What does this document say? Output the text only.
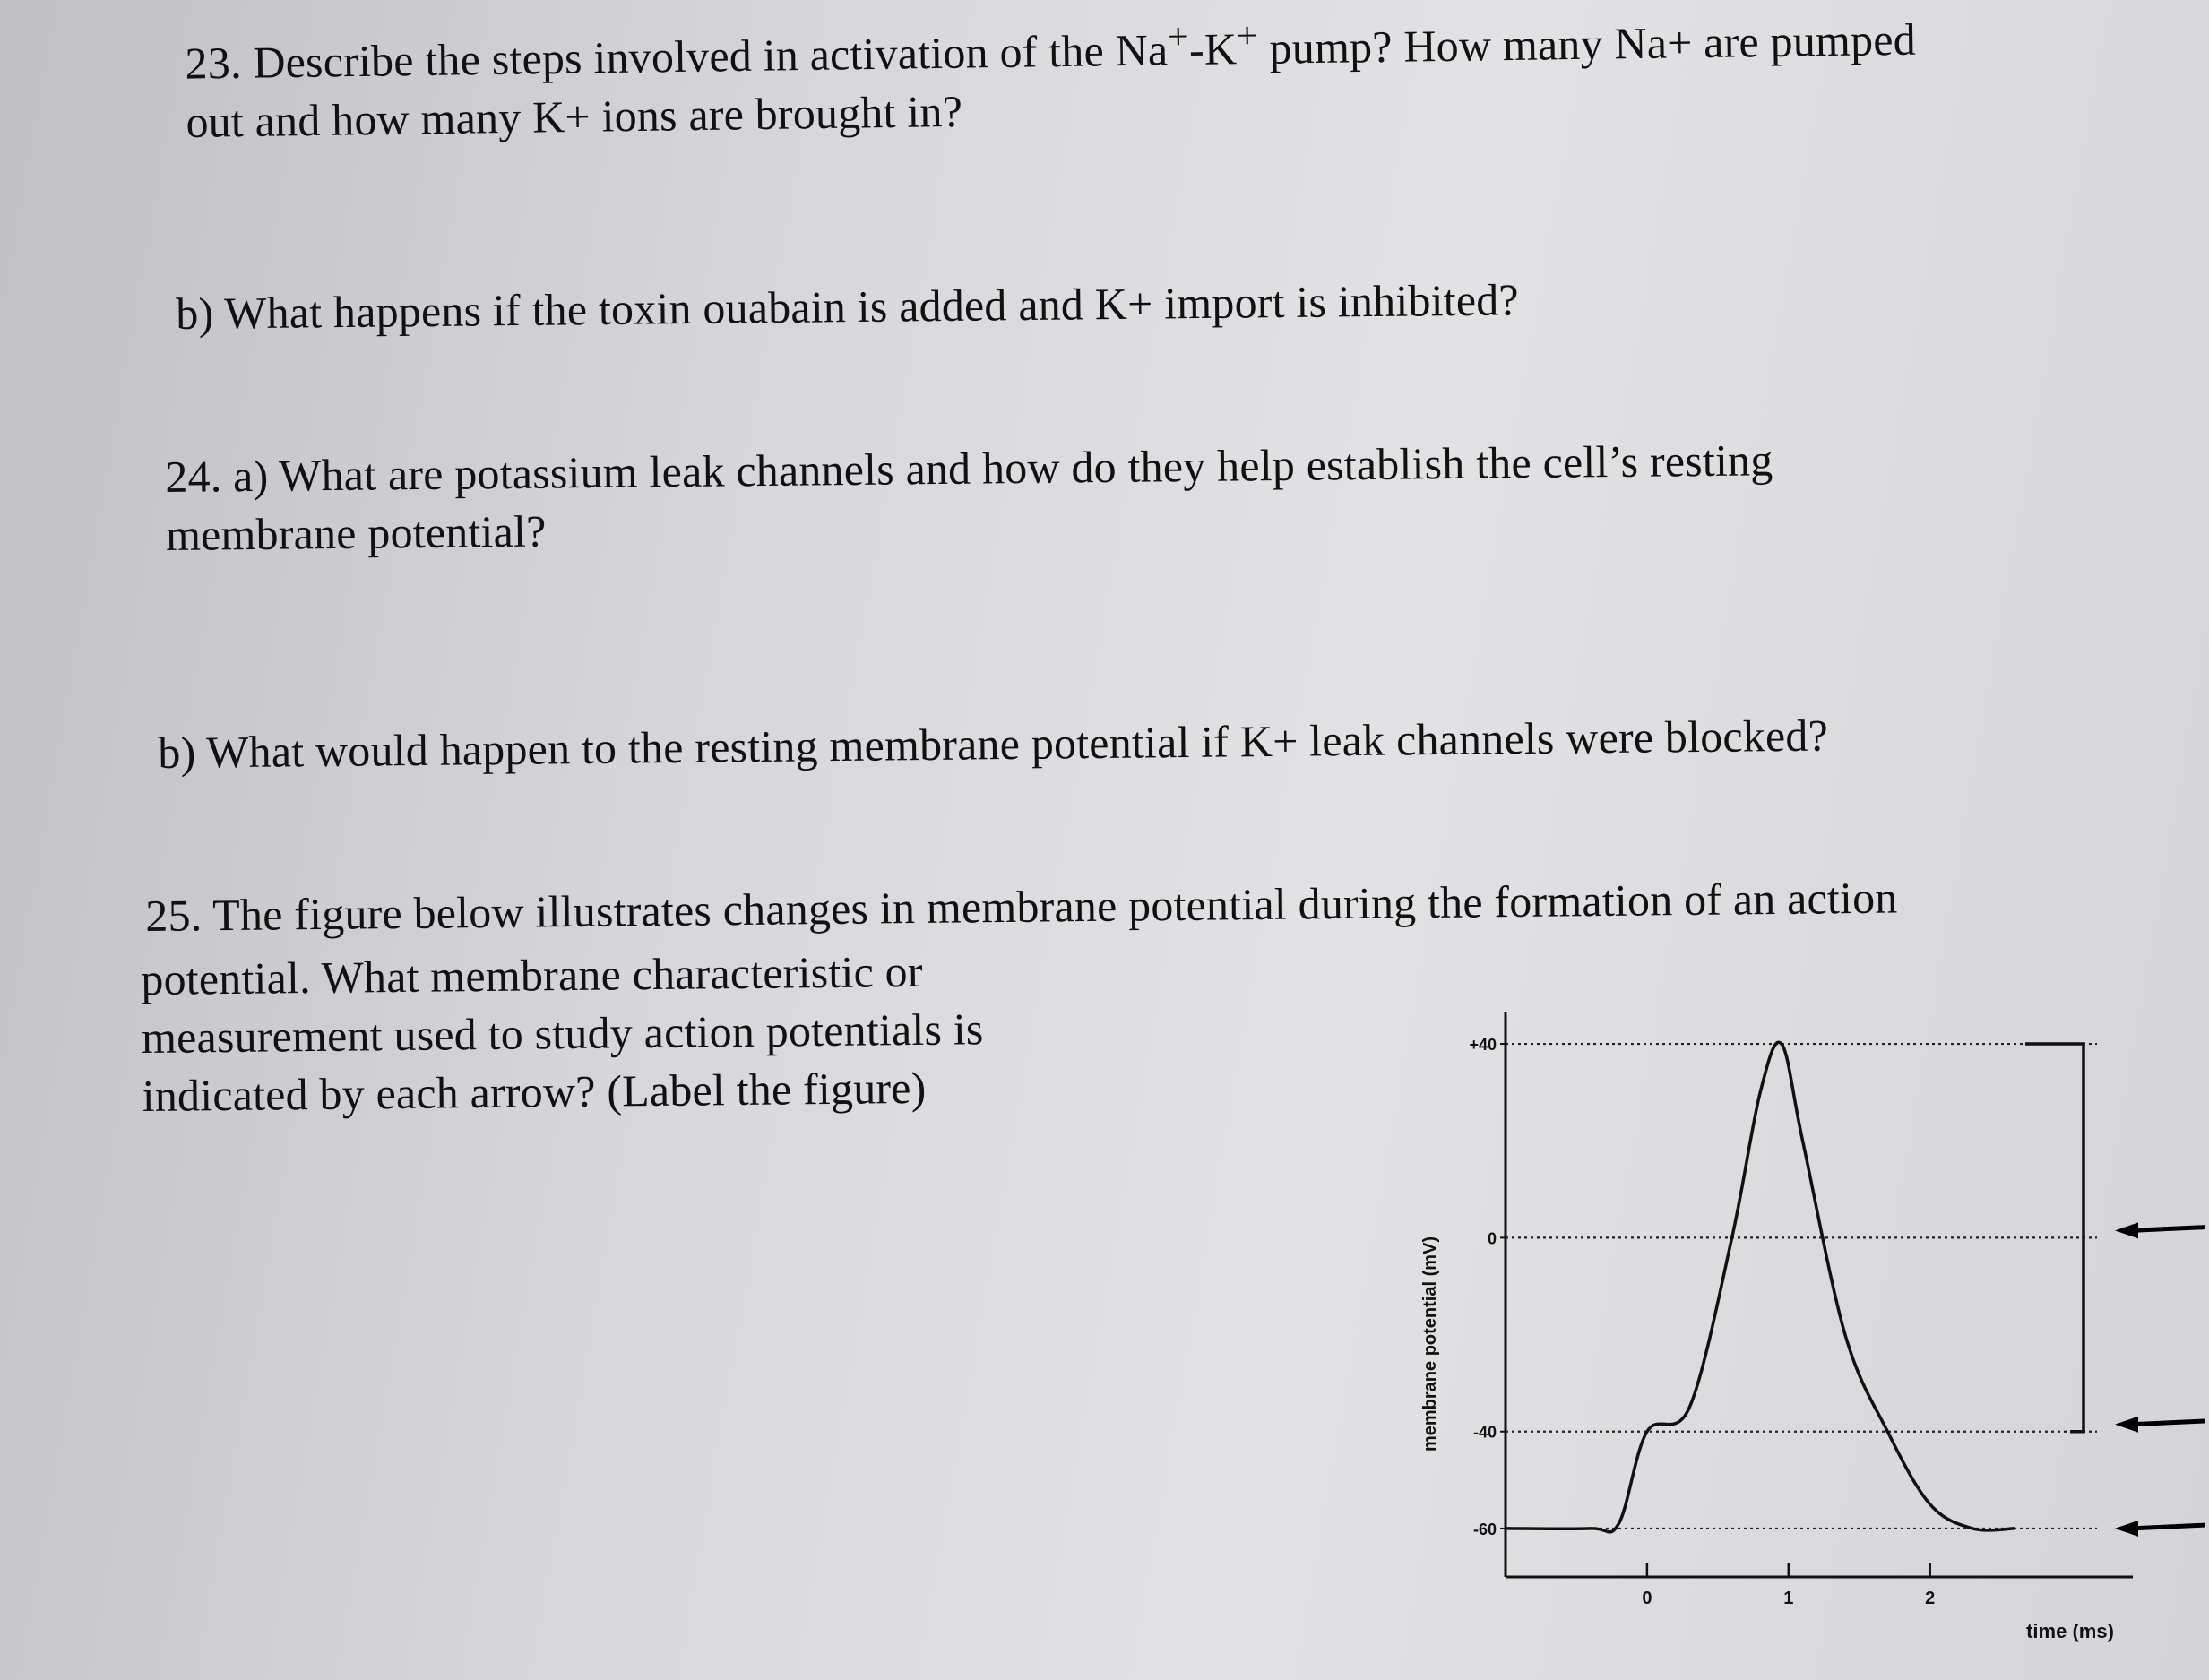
23. Describe the steps involved in activation of the Na+-K+ pump? How many Na+ are pumped
out and how many K+ ions are brought in?

b) What happens if the toxin ouabain is added and K+ import is inhibited?

24. a) What are potassium leak channels and how do they help establish the cell’s resting
membrane potential?

b) What would happen to the resting membrane potential if K+ leak channels were blocked?

25. The figure below illustrates changes in membrane potential during the formation of an action

potential. What membrane characteristic or
measurement used to study action potentials is
indicated by each arrow? (Label the figure)

+40
0
-40
-60
0	1	2
membrane potential (mV)
time (ms)
